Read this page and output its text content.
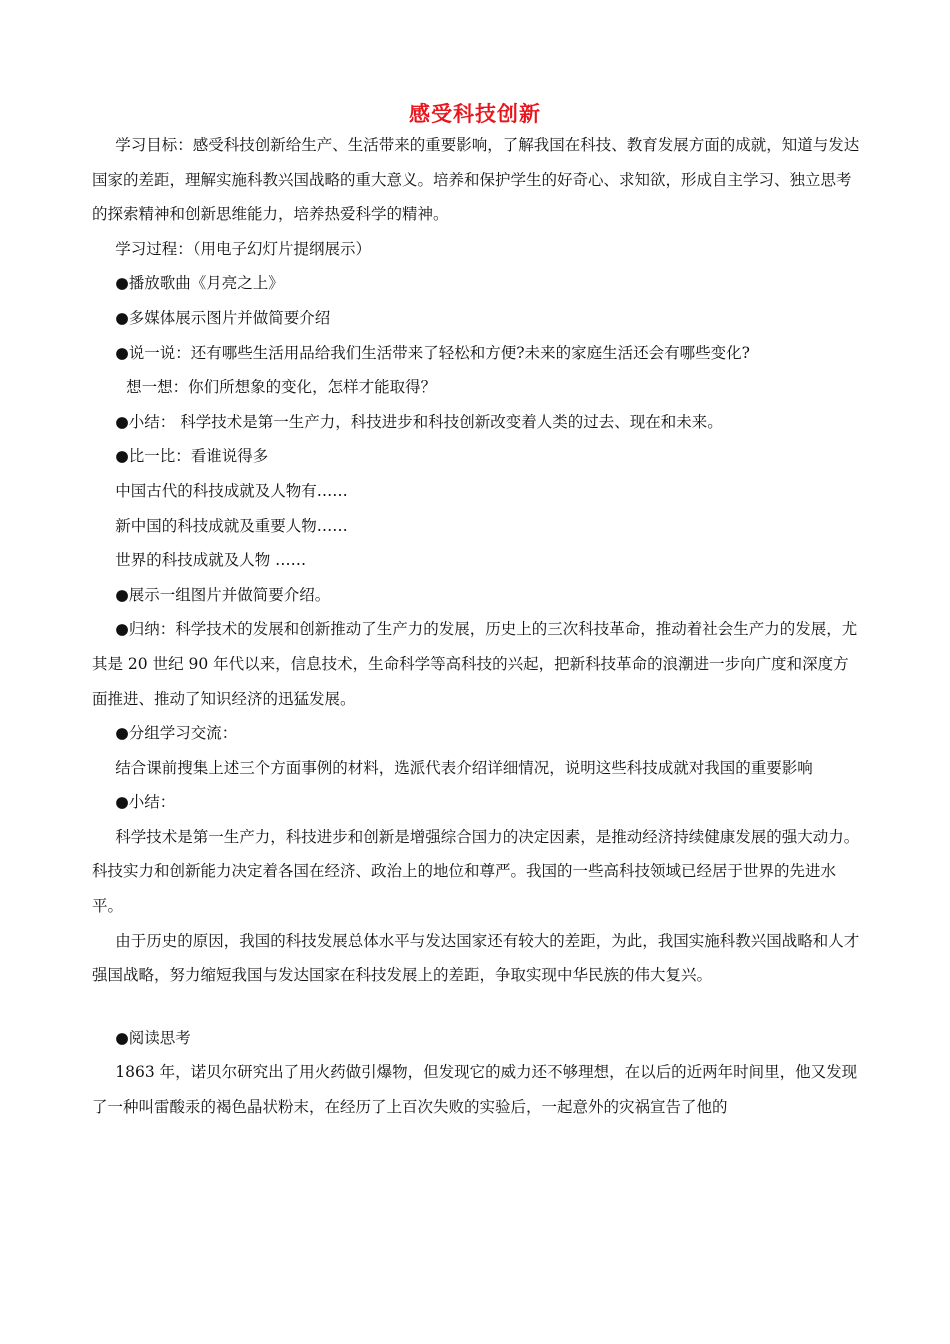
感受科技创新

学习目标：感受科技创新给生产、生活带来的重要影响，了解我国在科技、教育发展方面的成就，知道与发达国家的差距，理解实施科教兴国战略的重大意义。培养和保护学生的好奇心、求知欲，形成自主学习、独立思考的探索精神和创新思维能力，培养热爱科学的精神。

学习过程：（用电子幻灯片提纲展示）

●播放歌曲《月亮之上》

●多媒体展示图片并做简要介绍

●说一说：还有哪些生活用品给我们生活带来了轻松和方便?未来的家庭生活还会有哪些变化?

想一想：你们所想象的变化，怎样才能取得？

●小结： 科学技术是第一生产力，科技进步和科技创新改变着人类的过去、现在和未来。

●比一比：看谁说得多

中国古代的科技成就及人物有……

新中国的科技成就及重要人物……

世界的科技成就及人物 ……

●展示一组图片并做简要介绍。

●归纳：科学技术的发展和创新推动了生产力的发展，历史上的三次科技革命，推动着社会生产力的发展，尤其是 20 世纪 90 年代以来，信息技术，生命科学等高科技的兴起，把新科技革命的浪潮进一步向广度和深度方面推进、推动了知识经济的迅猛发展。

●分组学习交流：

结合课前搜集上述三个方面事例的材料，选派代表介绍详细情况，说明这些科技成就对我国的重要影响

●小结：

科学技术是第一生产力，科技进步和创新是增强综合国力的决定因素，是推动经济持续健康发展的强大动力。科技实力和创新能力决定着各国在经济、政治上的地位和尊严。我国的一些高科技领域已经居于世界的先进水平。

由于历史的原因，我国的科技发展总体水平与发达国家还有较大的差距，为此，我国实施科教兴国战略和人才强国战略，努力缩短我国与发达国家在科技发展上的差距，争取实现中华民族的伟大复兴。

●阅读思考

1863 年，诺贝尔研究出了用火药做引爆物，但发现它的威力还不够理想，在以后的近两年时间里，他又发现了一种叫雷酸汞的褐色晶状粉末，在经历了上百次失败的实验后，一起意外的灾祸宣告了他的
